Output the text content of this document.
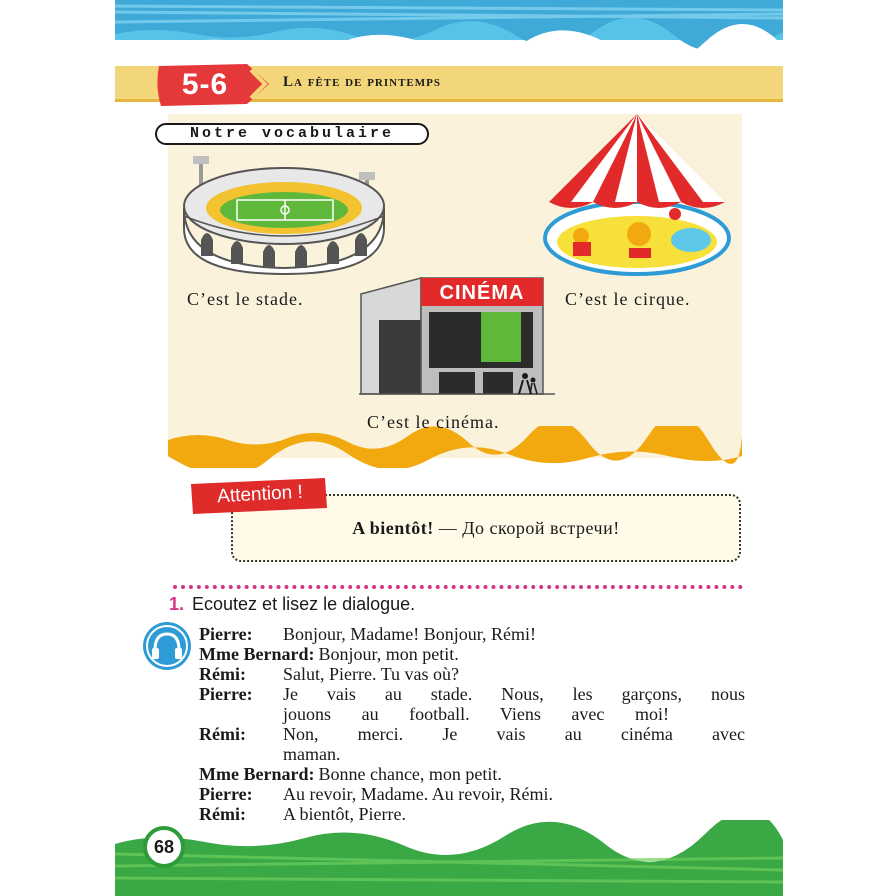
5-6	La fête de printemps
Notre vocabulaire
C’est le stade.	C’est le cirque.
CINÉMA
C’est le cinéma.
A bientôt! — До скорой встречи!
Attention !
1. Ecoutez et lisez le dialogue.
Pierre:	Bonjour, Madame! Bonjour, Rémi!
Mme Bernard: Bonjour, mon petit.
Rémi:	Salut, Pierre. Tu vas où?
Pierre:	Je vais au stade. Nous, les garçons, nous
jouons au football. Viens avec moi!
Rémi:	Non, merci. Je vais au cinéma avec
maman.
Mme Bernard: Bonne chance, mon petit.
Pierre:	Au revoir, Madame. Au revoir, Rémi.
Rémi:	A bientôt, Pierre.
68
